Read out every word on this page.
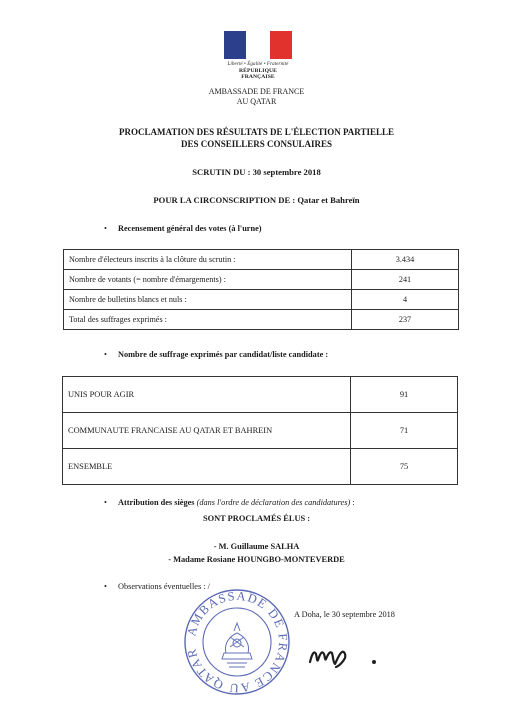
Liberté • Égalité • Fraternité
RÉPUBLIQUE FRANÇAISE
AMBASSADE DE FRANCE
AU QATAR
PROCLAMATION DES RÉSULTATS DE L'ÉLECTION PARTIELLE
DES CONSEILLERS CONSULAIRES
SCRUTIN DU : 30 septembre 2018
POUR LA CIRCONSCRIPTION DE : Qatar et Bahreïn
• Recensement général des votes (à l'urne)
Nombre d'électeurs inscrits à la clôture du scrutin :	3.434
Nombre de votants (= nombre d'émargements) :	241
Nombre de bulletins blancs et nuls :	4
Total des suffrages exprimés :	237
• Nombre de suffrage exprimés par candidat/liste candidate :
UNIS POUR AGIR	91
COMMUNAUTE FRANCAISE AU QATAR ET BAHREIN	71
ENSEMBLE	75
• Attribution des sièges (dans l'ordre de déclaration des candidatures) :
SONT PROCLAMÉS ÉLUS :
- M. Guillaume SALHA
- Madame Rosiane HOUNGBO-MONTEVERDE
• Observations éventuelles : /
A Doha, le 30 septembre 2018
AMBASSADE DE FRANCE AU QATAR
